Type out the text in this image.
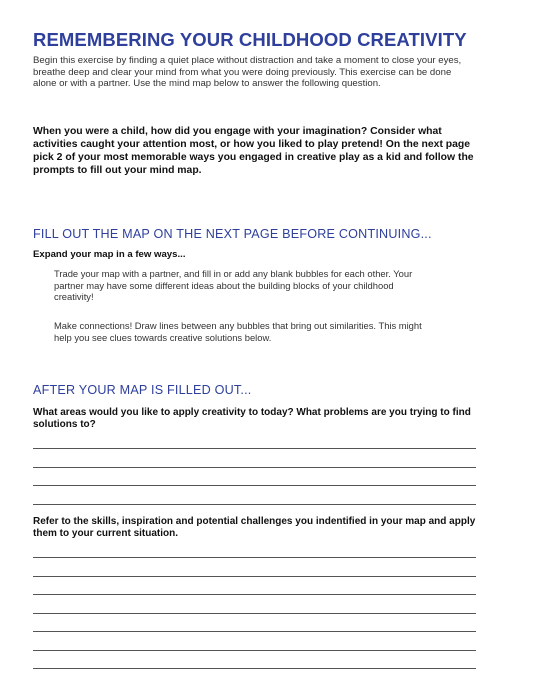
REMEMBERING YOUR CHILDHOOD CREATIVITY
Begin this exercise by finding a quiet place without distraction and take a moment to close your eyes, breathe deep and clear your mind from what you were doing previously. This exercise can be done alone or with a partner. Use the mind map below to answer the following question.
When you were a child, how did you engage with your imagination? Consider what activities caught your attention most, or how you liked to play pretend! On the next page pick 2 of your most memorable ways you engaged in creative play as a kid and follow the prompts to fill out your mind map.
FILL OUT THE MAP ON THE NEXT PAGE BEFORE CONTINUING...
Expand your map in a few ways...
Trade your map with a partner, and fill in or add any blank bubbles for each other. Your partner may have some different ideas about the building blocks of your childhood creativity!
Make connections! Draw lines between any bubbles that bring out similarities. This might help you see clues towards creative solutions below.
AFTER YOUR MAP IS FILLED OUT...
What areas would you like to apply creativity to today? What problems are you trying to find solutions to?
Refer to the skills, inspiration and potential challenges you indentified in your map and apply them to your current situation.
